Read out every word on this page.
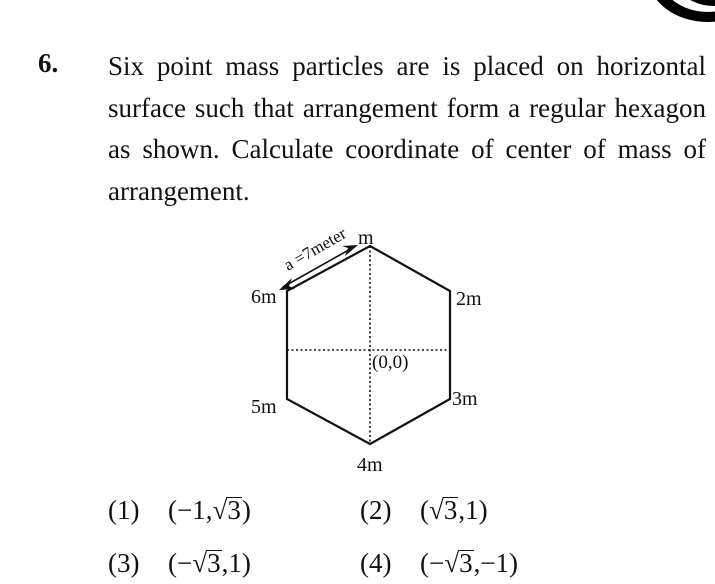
6. Six point mass particles are is placed on horizontal surface such that arrangement form a regular hexagon as shown. Calculate coordinate of center of mass of arrangement.
a =7meter
(0,0)
m
2m
3m
4m
5m
6m
(1) (−1,√3)	(2) (√3,1)
(3) (−√3,1)	(4) (−√3,−1)
